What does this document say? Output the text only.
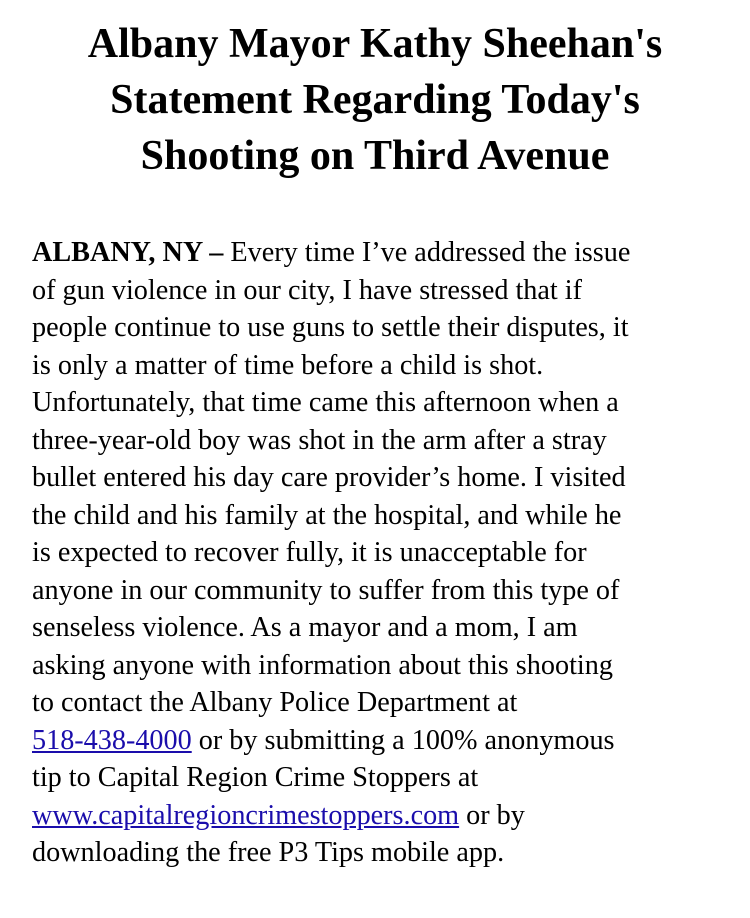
Albany Mayor Kathy Sheehan's
Statement Regarding Today's
Shooting on Third Avenue

ALBANY, NY – Every time I’ve addressed the issue
of gun violence in our city, I have stressed that if
people continue to use guns to settle their disputes, it
is only a matter of time before a child is shot.
Unfortunately, that time came this afternoon when a
three-year-old boy was shot in the arm after a stray
bullet entered his day care provider’s home. I visited
the child and his family at the hospital, and while he
is expected to recover fully, it is unacceptable for
anyone in our community to suffer from this type of
senseless violence. As a mayor and a mom, I am
asking anyone with information about this shooting
to contact the Albany Police Department at
518-438-4000 or by submitting a 100% anonymous
tip to Capital Region Crime Stoppers at
www.capitalregioncrimestoppers.com or by
downloading the free P3 Tips mobile app.
